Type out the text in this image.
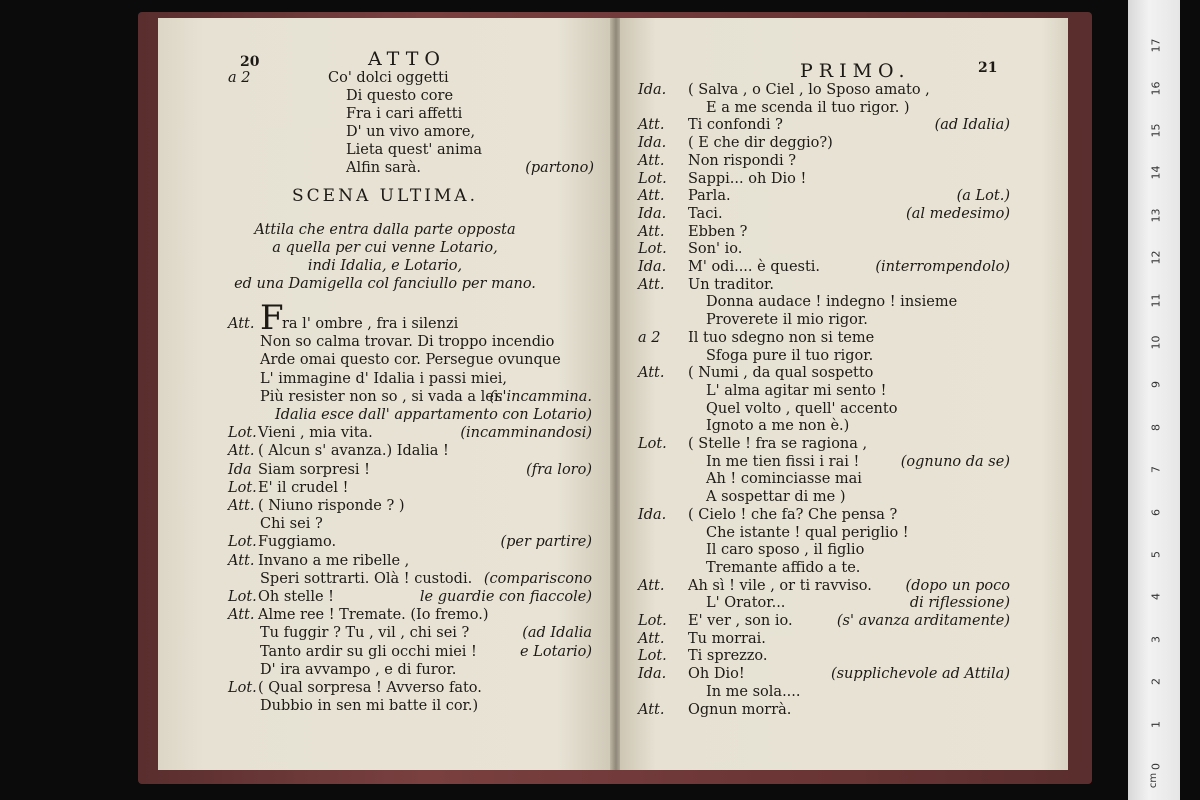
20	ATTO
a 2	Co' dolci oggetti
Di questo core
Fra i cari affetti
D' un vivo amore,
Lieta quest' anima
Alfin sarà.	(partono)
SCENA ULTIMA.
Attila che entra dalla parte opposta
a quella per cui venne Lotario,
indi Idalia, e Lotario,
ed una Damigella col fanciullo per mano.
F
Att. ra l' ombre , fra i silenzi
Non so calma trovar. Di troppo incendio
Arde omai questo cor. Persegue ovunque
L' immagine d' Idalia i passi miei,
Più resister non so , si vada a lei.
(s'incammina.
Idalia esce dall' appartamento con Lotario)
Lot. Vieni , mia vita.	(incamminandosi)
Att. ( Alcun s' avanza.) Idalia !
Ida Siam sorpresi !	(fra loro)
Lot. E' il crudel !
Att. ( Niuno risponde ? )
Chi sei ?
Lot. Fuggiamo.	(per partire)
Att. Invano a me ribelle ,
Speri sottrarti. Olà ! custodi. (compariscono
Lot. Oh stelle !	le guardie con fiaccole)
Att. Alme ree ! Tremate. (Io fremo.)
Tu fuggir ? Tu , vil , chi sei ?	(ad Idalia
Tanto ardir su gli occhi miei !	e Lotario)
D' ira avvampo , e di furor.
Lot. ( Qual sorpresa ! Avverso fato.
Dubbio in sen mi batte il cor.)
PRIMO.	21
Ida. ( Salva , o Ciel , lo Sposo amato ,
E a me scenda il tuo rigor. )
Att. Ti confondi ?	(ad Idalia)
Ida. ( E che dir deggio?)
Att. Non rispondi ?
Lot. Sappi... oh Dio !
Att. Parla.	(a Lot.)
Ida. Taci.	(al medesimo)
Att. Ebben ?
Lot. Son' io.
Ida. M' odi.... è questi.	(interrompendolo)
Att. Un traditor.
Donna audace ! indegno ! insieme
Proverete il mio rigor.
a 2 Il tuo sdegno non si teme
Sfoga pure il tuo rigor.
Att. ( Numi , da qual sospetto
L' alma agitar mi sento !
Quel volto , quell' accento
Ignoto a me non è.)
Lot. ( Stelle ! fra se ragiona ,
In me tien fissi i rai !	(ognuno da se)
Ah ! cominciasse mai
A sospettar di me )
Ida. ( Cielo ! che fa? Che pensa ?
Che istante ! qual periglio !
Il caro sposo , il figlio
Tremante affido a te.
Att. Ah sì ! vile , or ti ravviso. (dopo un poco
L' Orator...	di riflessione)
Lot. E' ver , son io.	(s' avanza arditamente)
Att. Tu morrai.
Lot. Ti sprezzo.
Ida. Oh Dio!	(supplichevole ad Attila)
In me sola....
Att. Ognun morrà.
0
1
2
3
4
5
6
7
8
9
10
11
12
13
14
15
16
17
cm
